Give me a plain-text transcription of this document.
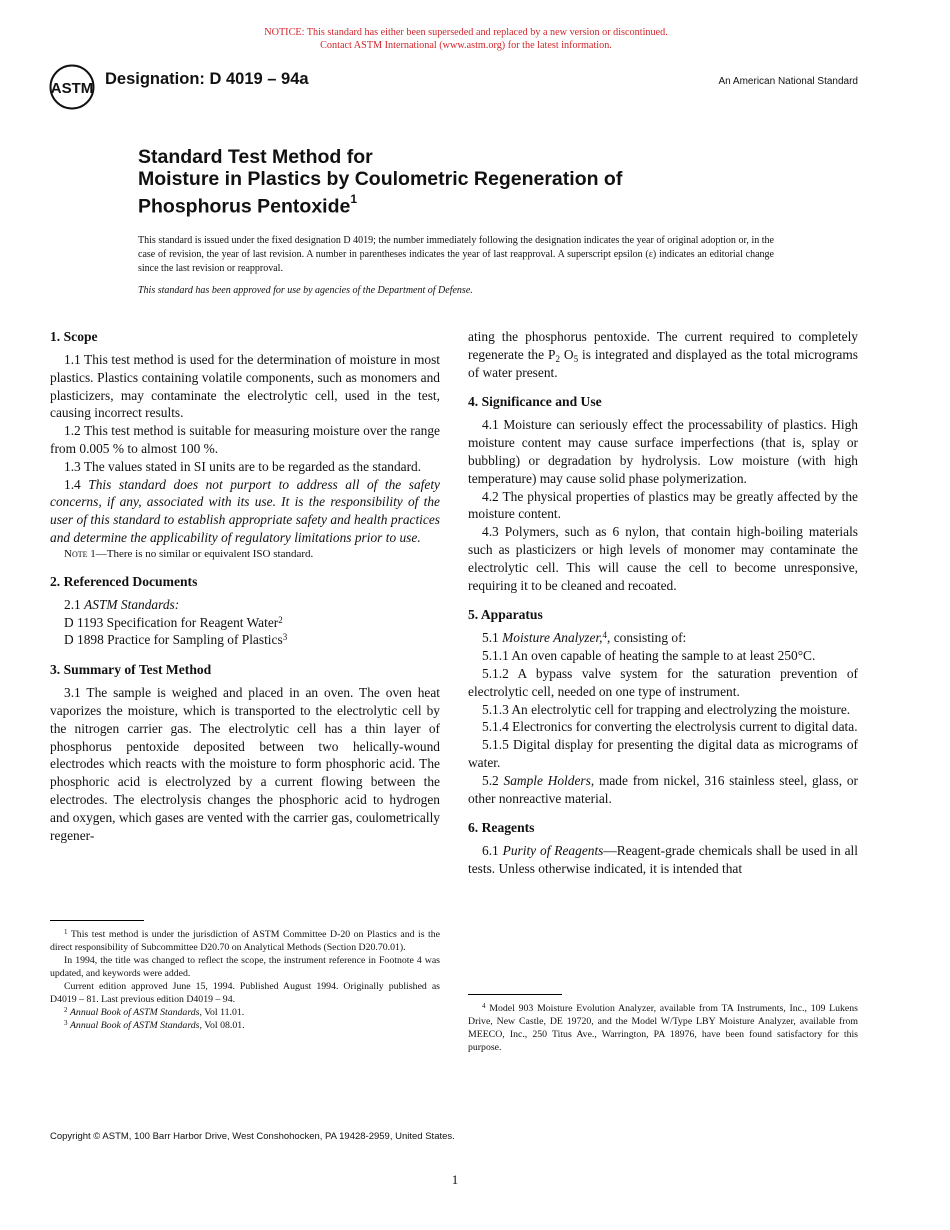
NOTICE: This standard has either been superseded and replaced by a new version or discontinued.
Contact ASTM International (www.astm.org) for the latest information.
ASTM
Designation: D 4019 – 94a	An American National Standard
Standard Test Method for
Moisture in Plastics by Coulometric Regeneration of
Phosphorus Pentoxide$^1$
This standard is issued under the fixed designation D 4019; the number immediately following the designation indicates the year of original adoption or, in the case of revision, the year of last revision. A number in parentheses indicates the year of last reapproval. A superscript epsilon (ε) indicates an editorial change since the last revision or reapproval.
This standard has been approved for use by agencies of the Department of Defense.
1. Scope

1.1 This test method is used for the determination of moisture in most plastics. Plastics containing volatile components, such as monomers and plasticizers, may contaminate the electrolytic cell, used in the test, causing incorrect results.

1.2 This test method is suitable for measuring moisture over the range from 0.005 % to almost 100 %.

1.3 The values stated in SI units are to be regarded as the standard.

1.4 This standard does not purport to address all of the safety concerns, if any, associated with its use. It is the responsibility of the user of this standard to establish appropriate safety and health practices and determine the applicability of regulatory limitations prior to use.

Note 1—There is no similar or equivalent ISO standard.

2. Referenced Documents

2.1 ASTM Standards:

D 1193 Specification for Reagent Water$^2$

D 1898 Practice for Sampling of Plastics$^3$

3. Summary of Test Method

3.1 The sample is weighed and placed in an oven. The oven heat vaporizes the moisture, which is transported to the electrolytic cell by the nitrogen carrier gas. The electrolytic cell has a thin layer of phosphorus pentoxide deposited between two helically-wound electrodes which reacts with the moisture to form phosphoric acid. The phosphoric acid is electrolyzed by a current flowing between the electrodes. The electrolysis changes the phosphoric acid to hydrogen and oxygen, which gases are vented with the carrier gas, coulometrically regener-

ating the phosphorus pentoxide. The current required to completely regenerate the $P_2$ $O_5$ is integrated and displayed as the total micrograms of water present.

4. Significance and Use

4.1 Moisture can seriously effect the processability of plastics. High moisture content may cause surface imperfections (that is, splay or bubbling) or degradation by hydrolysis. Low moisture (with high temperature) may cause solid phase polymerization.

4.2 The physical properties of plastics may be greatly affected by the moisture content.

4.3 Polymers, such as 6 nylon, that contain high-boiling materials such as plasticizers or high levels of monomer may contaminate the electrolytic cell. This will cause the cell to become unresponsive, requiring it to be cleaned and recoated.

5. Apparatus

5.1 Moisture Analyzer,$^4$, consisting of:

5.1.1 An oven capable of heating the sample to at least 250°C.

5.1.2 A bypass valve system for the saturation prevention of electrolytic cell, needed on one type of instrument.

5.1.3 An electrolytic cell for trapping and electrolyzing the moisture.

5.1.4 Electronics for converting the electrolysis current to digital data.

5.1.5 Digital display for presenting the digital data as micrograms of water.

5.2 Sample Holders, made from nickel, 316 stainless steel, glass, or other nonreactive material.

6. Reagents

6.1 Purity of Reagents—Reagent-grade chemicals shall be used in all tests. Unless otherwise indicated, it is intended that

$^1$ This test method is under the jurisdiction of ASTM Committee D-20 on Plastics and is the direct responsibility of Subcommittee D20.70 on Analytical Methods (Section D20.70.01).

In 1994, the title was changed to reflect the scope, the instrument reference in Footnote 4 was updated, and keywords were added.

Current edition approved June 15, 1994. Published August 1994. Originally published as D4019 – 81. Last previous edition D4019 – 94.

$^2$ Annual Book of ASTM Standards, Vol 11.01.

$^3$ Annual Book of ASTM Standards, Vol 08.01.

$^4$ Model 903 Moisture Evolution Analyzer, available from TA Instruments, Inc., 109 Lukens Drive, New Castle, DE 19720, and the Model W/Type LBY Moisture Analyzer, available from MEECO, Inc., 250 Titus Ave., Warrington, PA 18976, have been found satisfactory for this purpose.

Copyright © ASTM, 100 Barr Harbor Drive, West Conshohocken, PA 19428-2959, United States.
1
